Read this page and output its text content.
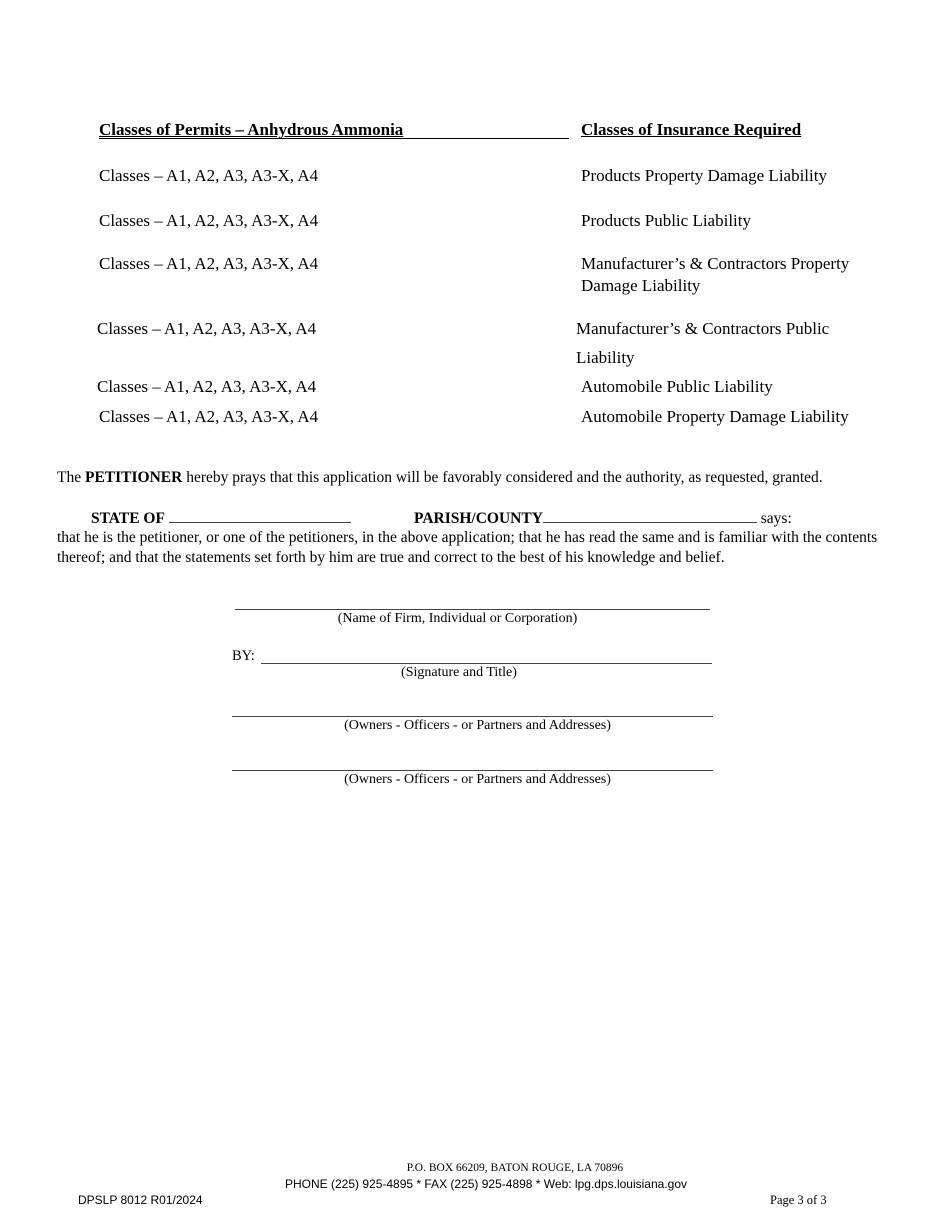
Classes of Permits – Anhydrous Ammonia	Classes of Insurance Required
Classes – A1, A2, A3, A3-X, A4	Products Property Damage Liability
Classes – A1, A2, A3, A3-X, A4	Products Public Liability
Classes – A1, A2, A3, A3-X, A4	Manufacturer’s & Contractors Property
Damage Liability
Classes – A1, A2, A3, A3-X, A4	Manufacturer’s & Contractors Public
Liability
Classes – A1, A2, A3, A3-X, A4	Automobile Public Liability
Classes – A1, A2, A3, A3-X, A4	Automobile Property Damage Liability
The PETITIONER hereby prays that this application will be favorably considered and the authority, as requested, granted.
STATE OF	PARISH/COUNTY	says:
that he is the petitioner, or one of the petitioners, in the above application; that he has read the same and is familiar with the contents thereof; and that the statements set forth by him are true and correct to the best of his knowledge and belief.
(Name of Firm, Individual or Corporation)
BY:
(Signature and Title)
(Owners - Officers - or Partners and Addresses)
(Owners - Officers - or Partners and Addresses)
P.O. BOX 66209, BATON ROUGE, LA 70896
PHONE (225) 925-4895 * FAX (225) 925-4898 * Web: lpg.dps.louisiana.gov
DPSLP 8012 R01/2024	Page 3 of 3
